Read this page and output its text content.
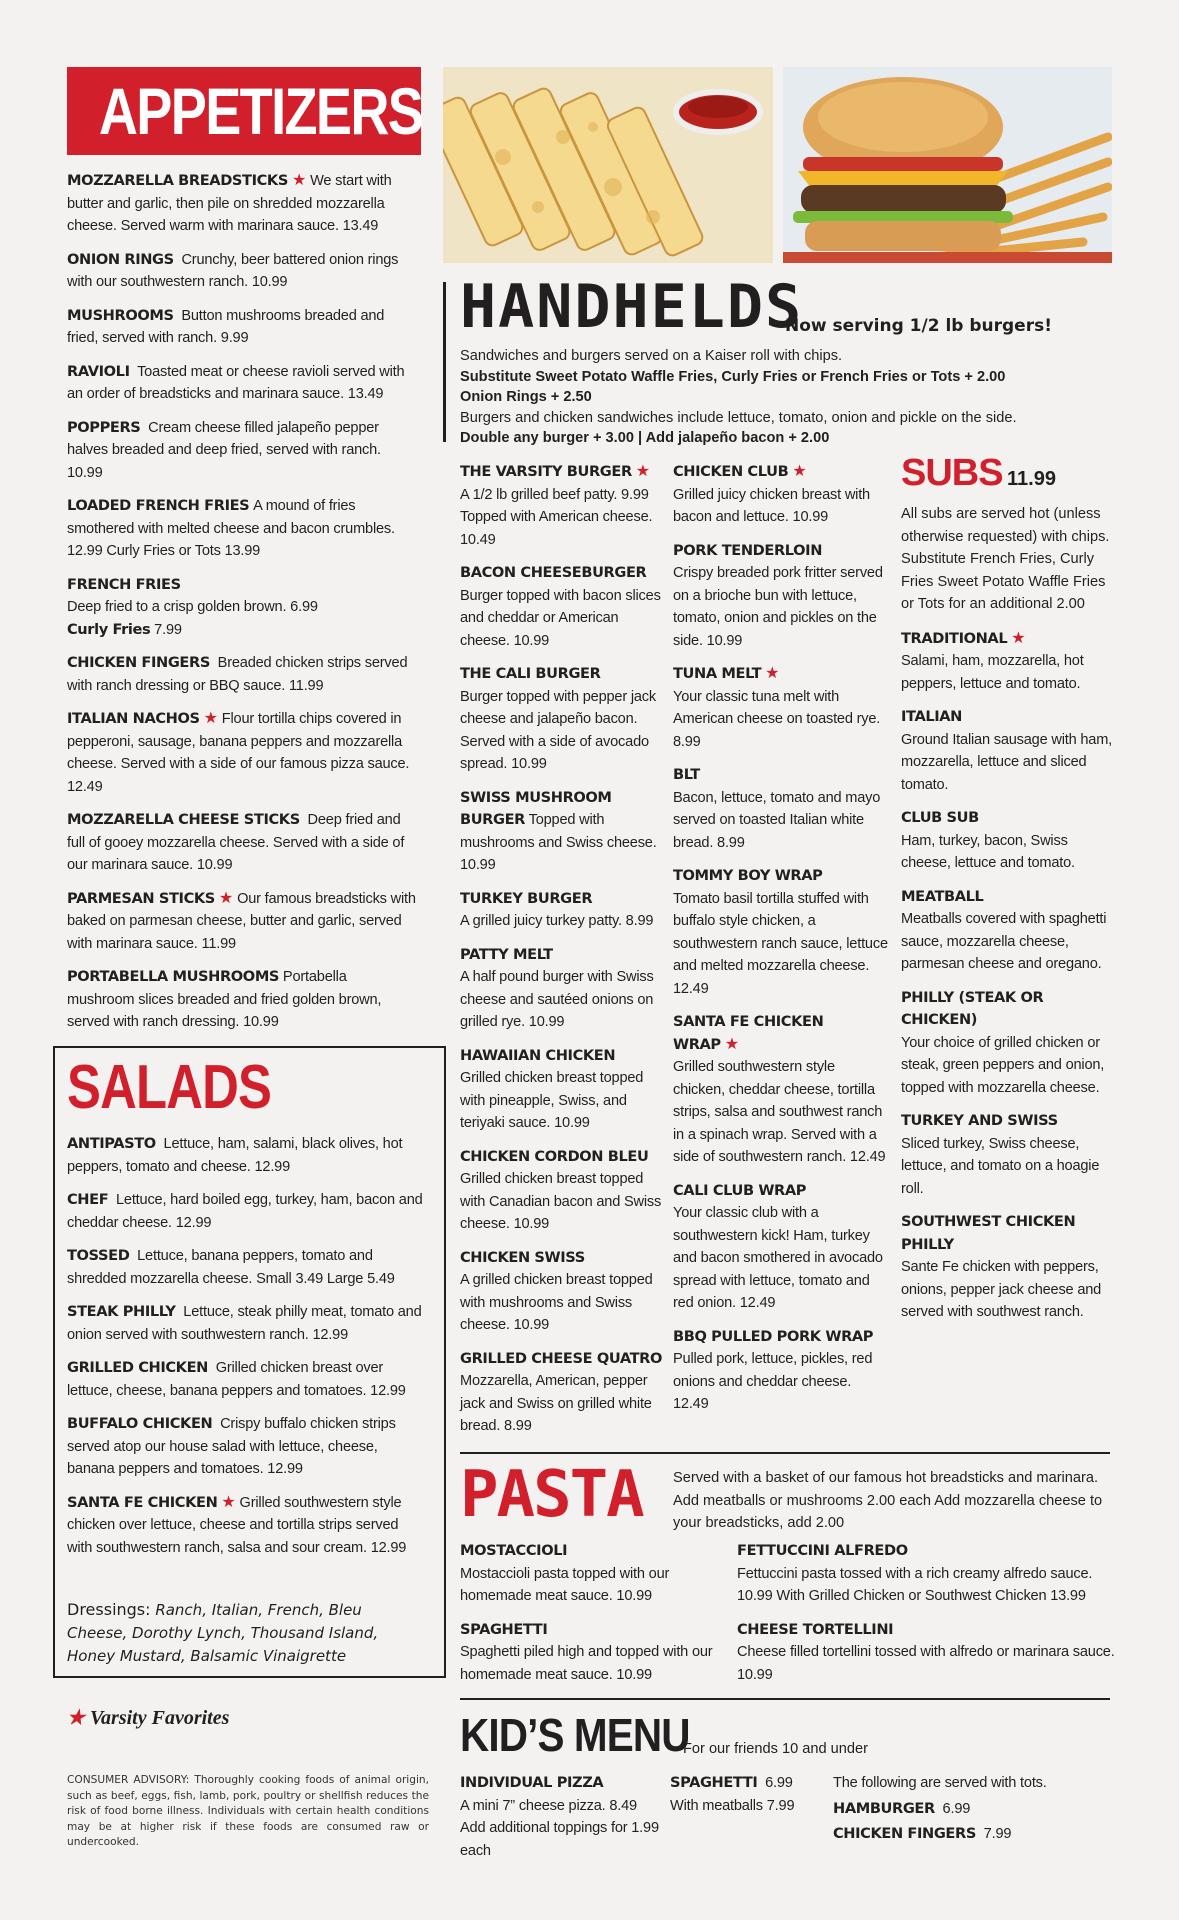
APPETIZERS
MOZZARELLA BREADSTICKS ★ We start with butter and garlic, then pile on shredded mozzarella cheese. Served warm with marinara sauce. 13.49
ONION RINGS Crunchy, beer battered onion rings with our southwestern ranch. 10.99
MUSHROOMS Button mushrooms breaded and fried, served with ranch. 9.99
RAVIOLI Toasted meat or cheese ravioli served with an order of breadsticks and marinara sauce. 13.49
POPPERS Cream cheese filled jalapeño pepper halves breaded and deep fried, served with ranch. 10.99
LOADED FRENCH FRIES A mound of fries smothered with melted cheese and bacon crumbles. 12.99 Curly Fries or Tots 13.99
FRENCH FRIES
Deep fried to a crisp golden brown. 6.99
Curly Fries 7.99
CHICKEN FINGERS Breaded chicken strips served with ranch dressing or BBQ sauce. 11.99
ITALIAN NACHOS ★ Flour tortilla chips covered in pepperoni, sausage, banana peppers and mozzarella cheese. Served with a side of our famous pizza sauce. 12.49
MOZZARELLA CHEESE STICKS Deep fried and full of gooey mozzarella cheese. Served with a side of our marinara sauce. 10.99
PARMESAN STICKS ★ Our famous breadsticks with baked on parmesan cheese, butter and garlic, served with marinara sauce. 11.99
PORTABELLA MUSHROOMS Portabella mushroom slices breaded and fried golden brown, served with ranch dressing. 10.99
SALADS
ANTIPASTO Lettuce, ham, salami, black olives, hot peppers, tomato and cheese. 12.99
CHEF Lettuce, hard boiled egg, turkey, ham, bacon and cheddar cheese. 12.99
TOSSED Lettuce, banana peppers, tomato and shredded mozzarella cheese. Small 3.49 Large 5.49
STEAK PHILLY Lettuce, steak philly meat, tomato and onion served with southwestern ranch. 12.99
GRILLED CHICKEN Grilled chicken breast over lettuce, cheese, banana peppers and tomatoes. 12.99
BUFFALO CHICKEN Crispy buffalo chicken strips served atop our house salad with lettuce, cheese, banana peppers and tomatoes. 12.99
SANTA FE CHICKEN ★ Grilled southwestern style chicken over lettuce, cheese and tortilla strips served with southwestern ranch, salsa and sour cream. 12.99
Dressings: Ranch, Italian, French, Bleu Cheese, Dorothy Lynch, Thousand Island, Honey Mustard, Balsamic Vinaigrette
★ Varsity Favorites
CONSUMER ADVISORY: Thoroughly cooking foods of animal origin, such as beef, eggs, fish, lamb, pork, poultry or shellfish reduces the risk of food borne illness. Individuals with certain health conditions may be at higher risk if these foods are consumed raw or undercooked.
HANDHELDS
Now serving 1/2 lb burgers!
Sandwiches and burgers served on a Kaiser roll with chips.
Substitute Sweet Potato Waffle Fries, Curly Fries or French Fries or Tots + 2.00
Onion Rings + 2.50
Burgers and chicken sandwiches include lettuce, tomato, onion and pickle on the side.
Double any burger + 3.00 | Add jalapeño bacon + 2.00
THE VARSITY BURGER ★
A 1/2 lb grilled beef patty. 9.99 Topped with American cheese. 10.49
BACON CHEESEBURGER
Burger topped with bacon slices and cheddar or American cheese. 10.99
THE CALI BURGER
Burger topped with pepper jack cheese and jalapeño bacon. Served with a side of avocado spread. 10.99
SWISS MUSHROOM BURGER Topped with mushrooms and Swiss cheese. 10.99
TURKEY BURGER
A grilled juicy turkey patty. 8.99
PATTY MELT
A half pound burger with Swiss cheese and sautéed onions on grilled rye. 10.99
HAWAIIAN CHICKEN
Grilled chicken breast topped with pineapple, Swiss, and teriyaki sauce. 10.99
CHICKEN CORDON BLEU
Grilled chicken breast topped with Canadian bacon and Swiss cheese. 10.99
CHICKEN SWISS
A grilled chicken breast topped with mushrooms and Swiss cheese. 10.99
GRILLED CHEESE QUATRO
Mozzarella, American, pepper jack and Swiss on grilled white bread. 8.99
CHICKEN CLUB ★
Grilled juicy chicken breast with bacon and lettuce. 10.99
PORK TENDERLOIN
Crispy breaded pork fritter served on a brioche bun with lettuce, tomato, onion and pickles on the side. 10.99
TUNA MELT ★
Your classic tuna melt with American cheese on toasted rye. 8.99
BLT
Bacon, lettuce, tomato and mayo served on toasted Italian white bread. 8.99
TOMMY BOY WRAP
Tomato basil tortilla stuffed with buffalo style chicken, a southwestern ranch sauce, lettuce and melted mozzarella cheese. 12.49
SANTA FE CHICKEN WRAP ★
Grilled southwestern style chicken, cheddar cheese, tortilla strips, salsa and southwest ranch in a spinach wrap. Served with a side of southwestern ranch. 12.49
CALI CLUB WRAP
Your classic club with a southwestern kick! Ham, turkey and bacon smothered in avocado spread with lettuce, tomato and red onion. 12.49
BBQ PULLED PORK WRAP
Pulled pork, lettuce, pickles, red onions and cheddar cheese. 12.49
SUBS 11.99
All subs are served hot (unless otherwise requested) with chips. Substitute French Fries, Curly Fries Sweet Potato Waffle Fries or Tots for an additional 2.00
TRADITIONAL ★
Salami, ham, mozzarella, hot peppers, lettuce and tomato.
ITALIAN
Ground Italian sausage with ham, mozzarella, lettuce and sliced tomato.
CLUB SUB
Ham, turkey, bacon, Swiss cheese, lettuce and tomato.
MEATBALL
Meatballs covered with spaghetti sauce, mozzarella cheese, parmesan cheese and oregano.
PHILLY (STEAK OR CHICKEN)
Your choice of grilled chicken or steak, green peppers and onion, topped with mozzarella cheese.
TURKEY AND SWISS
Sliced turkey, Swiss cheese, lettuce, and tomato on a hoagie roll.
SOUTHWEST CHICKEN PHILLY
Sante Fe chicken with peppers, onions, pepper jack cheese and served with southwest ranch.
PASTA Served with a basket of our famous hot breadsticks and marinara. Add meatballs or mushrooms 2.00 each Add mozzarella cheese to your breadsticks, add 2.00
MOSTACCIOLI
Mostaccioli pasta topped with our homemade meat sauce. 10.99
SPAGHETTI
Spaghetti piled high and topped with our homemade meat sauce. 10.99
FETTUCCINI ALFREDO
Fettuccini pasta tossed with a rich creamy alfredo sauce. 10.99 With Grilled Chicken or Southwest Chicken 13.99
CHEESE TORTELLINI
Cheese filled tortellini tossed with alfredo or marinara sauce. 10.99
KID’S MENU
For our friends 10 and under
INDIVIDUAL PIZZA
A mini 7” cheese pizza. 8.49 Add additional toppings for 1.99 each
SPAGHETTI 6.99
With meatballs 7.99
The following are served with tots.
HAMBURGER 6.99
CHICKEN FINGERS 7.99
